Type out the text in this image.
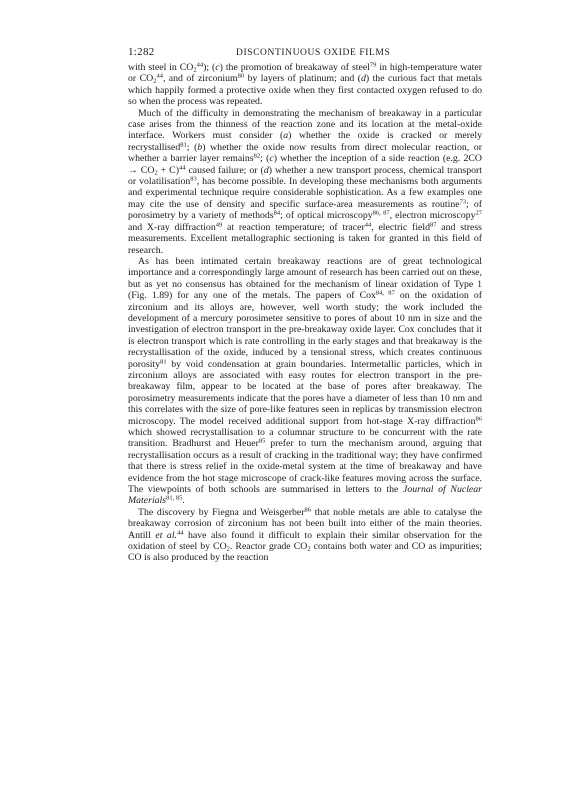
1:282	DISCONTINUOUS OXIDE FILMS

with steel in $CO_2^{44}$); (c) the promotion of breakaway of steel$^{79}$ in high-temperature water or $CO_2^{44}$, and of zirconium$^{80}$ by layers of platinum; and (d) the curious fact that metals which happily formed a protective oxide when they first contacted oxygen refused to do so when the process was repeated.

Much of the difficulty in demonstrating the mechanism of breakaway in a particular case arises from the thinness of the reaction zone and its location at the metal-oxide interface. Workers must consider (a) whether the oxide is cracked or merely recrystallised$^{81}$; (b) whether the oxide now results from direct molecular reaction, or whether a barrier layer remains$^{82}$; (c) whether the inception of a side reaction (e.g. $2CO \to CO_2 + C)^{44}$ caused failure; or (d) whether a new transport process, chemical transport or volatilisation$^{83}$, has become possible. In developing these mechanisms both arguments and experimental technique require considerable sophistication. As a few examples one may cite the use of density and specific surface-area measurements as routine$^{73}$; of porosimetry by a variety of methods$^{84}$; of optical microscopy$^{86, 87}$, electron microscopy$^{27}$ and X-ray diffraction$^{49}$ at reaction temperature; of tracer$^{44}$, electric field$^{87}$ and stress measurements. Excellent metallographic sectioning is taken for granted in this field of research.

As has been intimated certain breakaway reactions are of great technological importance and a correspondingly large amount of research has been carried out on these, but as yet no consensus has obtained for the mechanism of linear oxidation of Type 1 (Fig. 1.89) for any one of the metals. The papers of Cox$^{84, 87}$ on the oxidation of zirconium and its alloys are, however, well worth study; the work included the development of a mercury porosimeter sensitive to pores of about 10 nm in size and the investigation of electron transport in the pre-breakaway oxide layer. Cox concludes that it is electron transport which is rate controlling in the early stages and that breakaway is the recrystallisation of the oxide, induced by a tensional stress, which creates continuous porosity$^{81}$ by void condensation at grain boundaries. Intermetallic particles, which in zirconium alloys are associated with easy routes for electron transport in the pre-breakaway film, appear to be located at the base of pores after breakaway. The porosimetry measurements indicate that the pores have a diameter of less than 10 nm and this correlates with the size of pore-like features seen in replicas by transmission electron microscopy. The model received additional support from hot-stage X-ray diffraction$^{86}$ which showed recrystallisation to a columnar structure to be concurrent with the rate transition. Bradhurst and Heuer$^{85}$ prefer to turn the mechanism around, arguing that recrystallisation occurs as a result of cracking in the traditional way; they have confirmed that there is stress relief in the oxide-metal system at the time of breakaway and have evidence from the hot stage microscope of crack-like features moving across the surface. The viewpoints of both schools are summarised in letters to the Journal of Nuclear Materials$^{81, 85}$.

The discovery by Fiegna and Weisgerber$^{86}$ that noble metals are able to catalyse the breakaway corrosion of zirconium has not been built into either of the main theories. Antill et al.$^{44}$ have also found it difficult to explain their similar observation for the oxidation of steel by $CO_2$. Reactor grade $CO_2$ contains both water and CO as impurities; CO is also produced by the reaction
